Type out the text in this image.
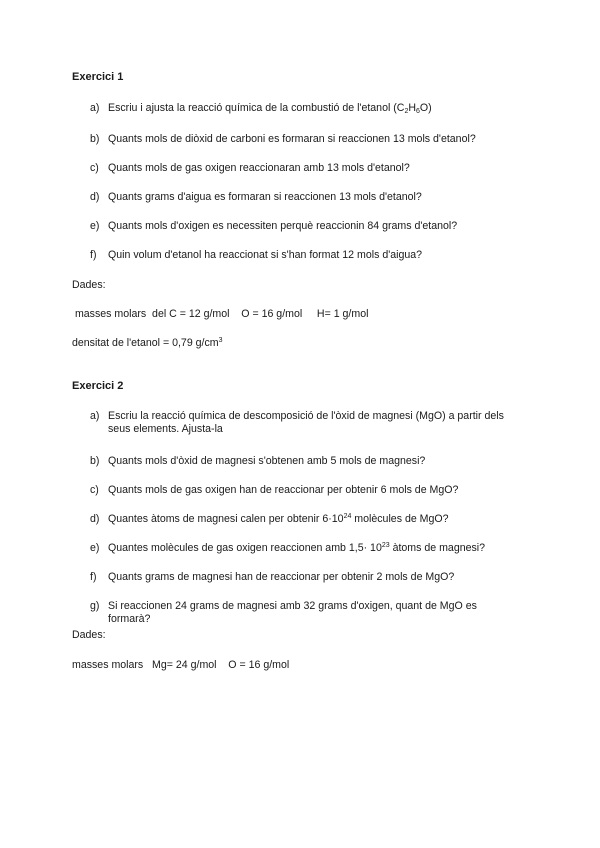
Exercici 1
a) Escriu i ajusta la reacció química de la combustió de l'etanol $(C_2H_6O)$
b) Quants mols de diòxid de carboni es formaran si reaccionen 13 mols d'etanol?
c) Quants mols de gas oxigen reaccionaran amb 13 mols d'etanol?
d) Quants grams d'aigua es formaran si reaccionen 13 mols d'etanol?
e) Quants mols d'oxigen es necessiten perquè reaccionin 84 grams d'etanol?
f) Quin volum d'etanol ha reaccionat si s'han format 12 mols d'aigua?
Dades:
masses molars  del C = 12 g/mol    O = 16 g/mol     H= 1 g/mol
densitat de l'etanol = 0,79 $g/cm^3$
Exercici 2
a) Escriu la reacció química de descomposició de l'òxid de magnesi (MgO) a partir dels seus elements. Ajusta-la
b) Quants mols d'òxid de magnesi s'obtenen amb 5 mols de magnesi?
c) Quants mols de gas oxigen han de reaccionar per obtenir 6 mols de MgO?
d) Quantes àtoms de magnesi calen per obtenir $6\cdot 10^{24}$ molècules de MgO?
e) Quantes molècules de gas oxigen reaccionen amb $1,5\cdot 10^{23}$ àtoms de magnesi?
f) Quants grams de magnesi han de reaccionar per obtenir 2 mols de MgO?
g) Si reaccionen 24 grams de magnesi amb 32 grams d'oxigen, quant de MgO es formarà?
Dades:
masses molars   Mg= 24 g/mol    O = 16 g/mol
